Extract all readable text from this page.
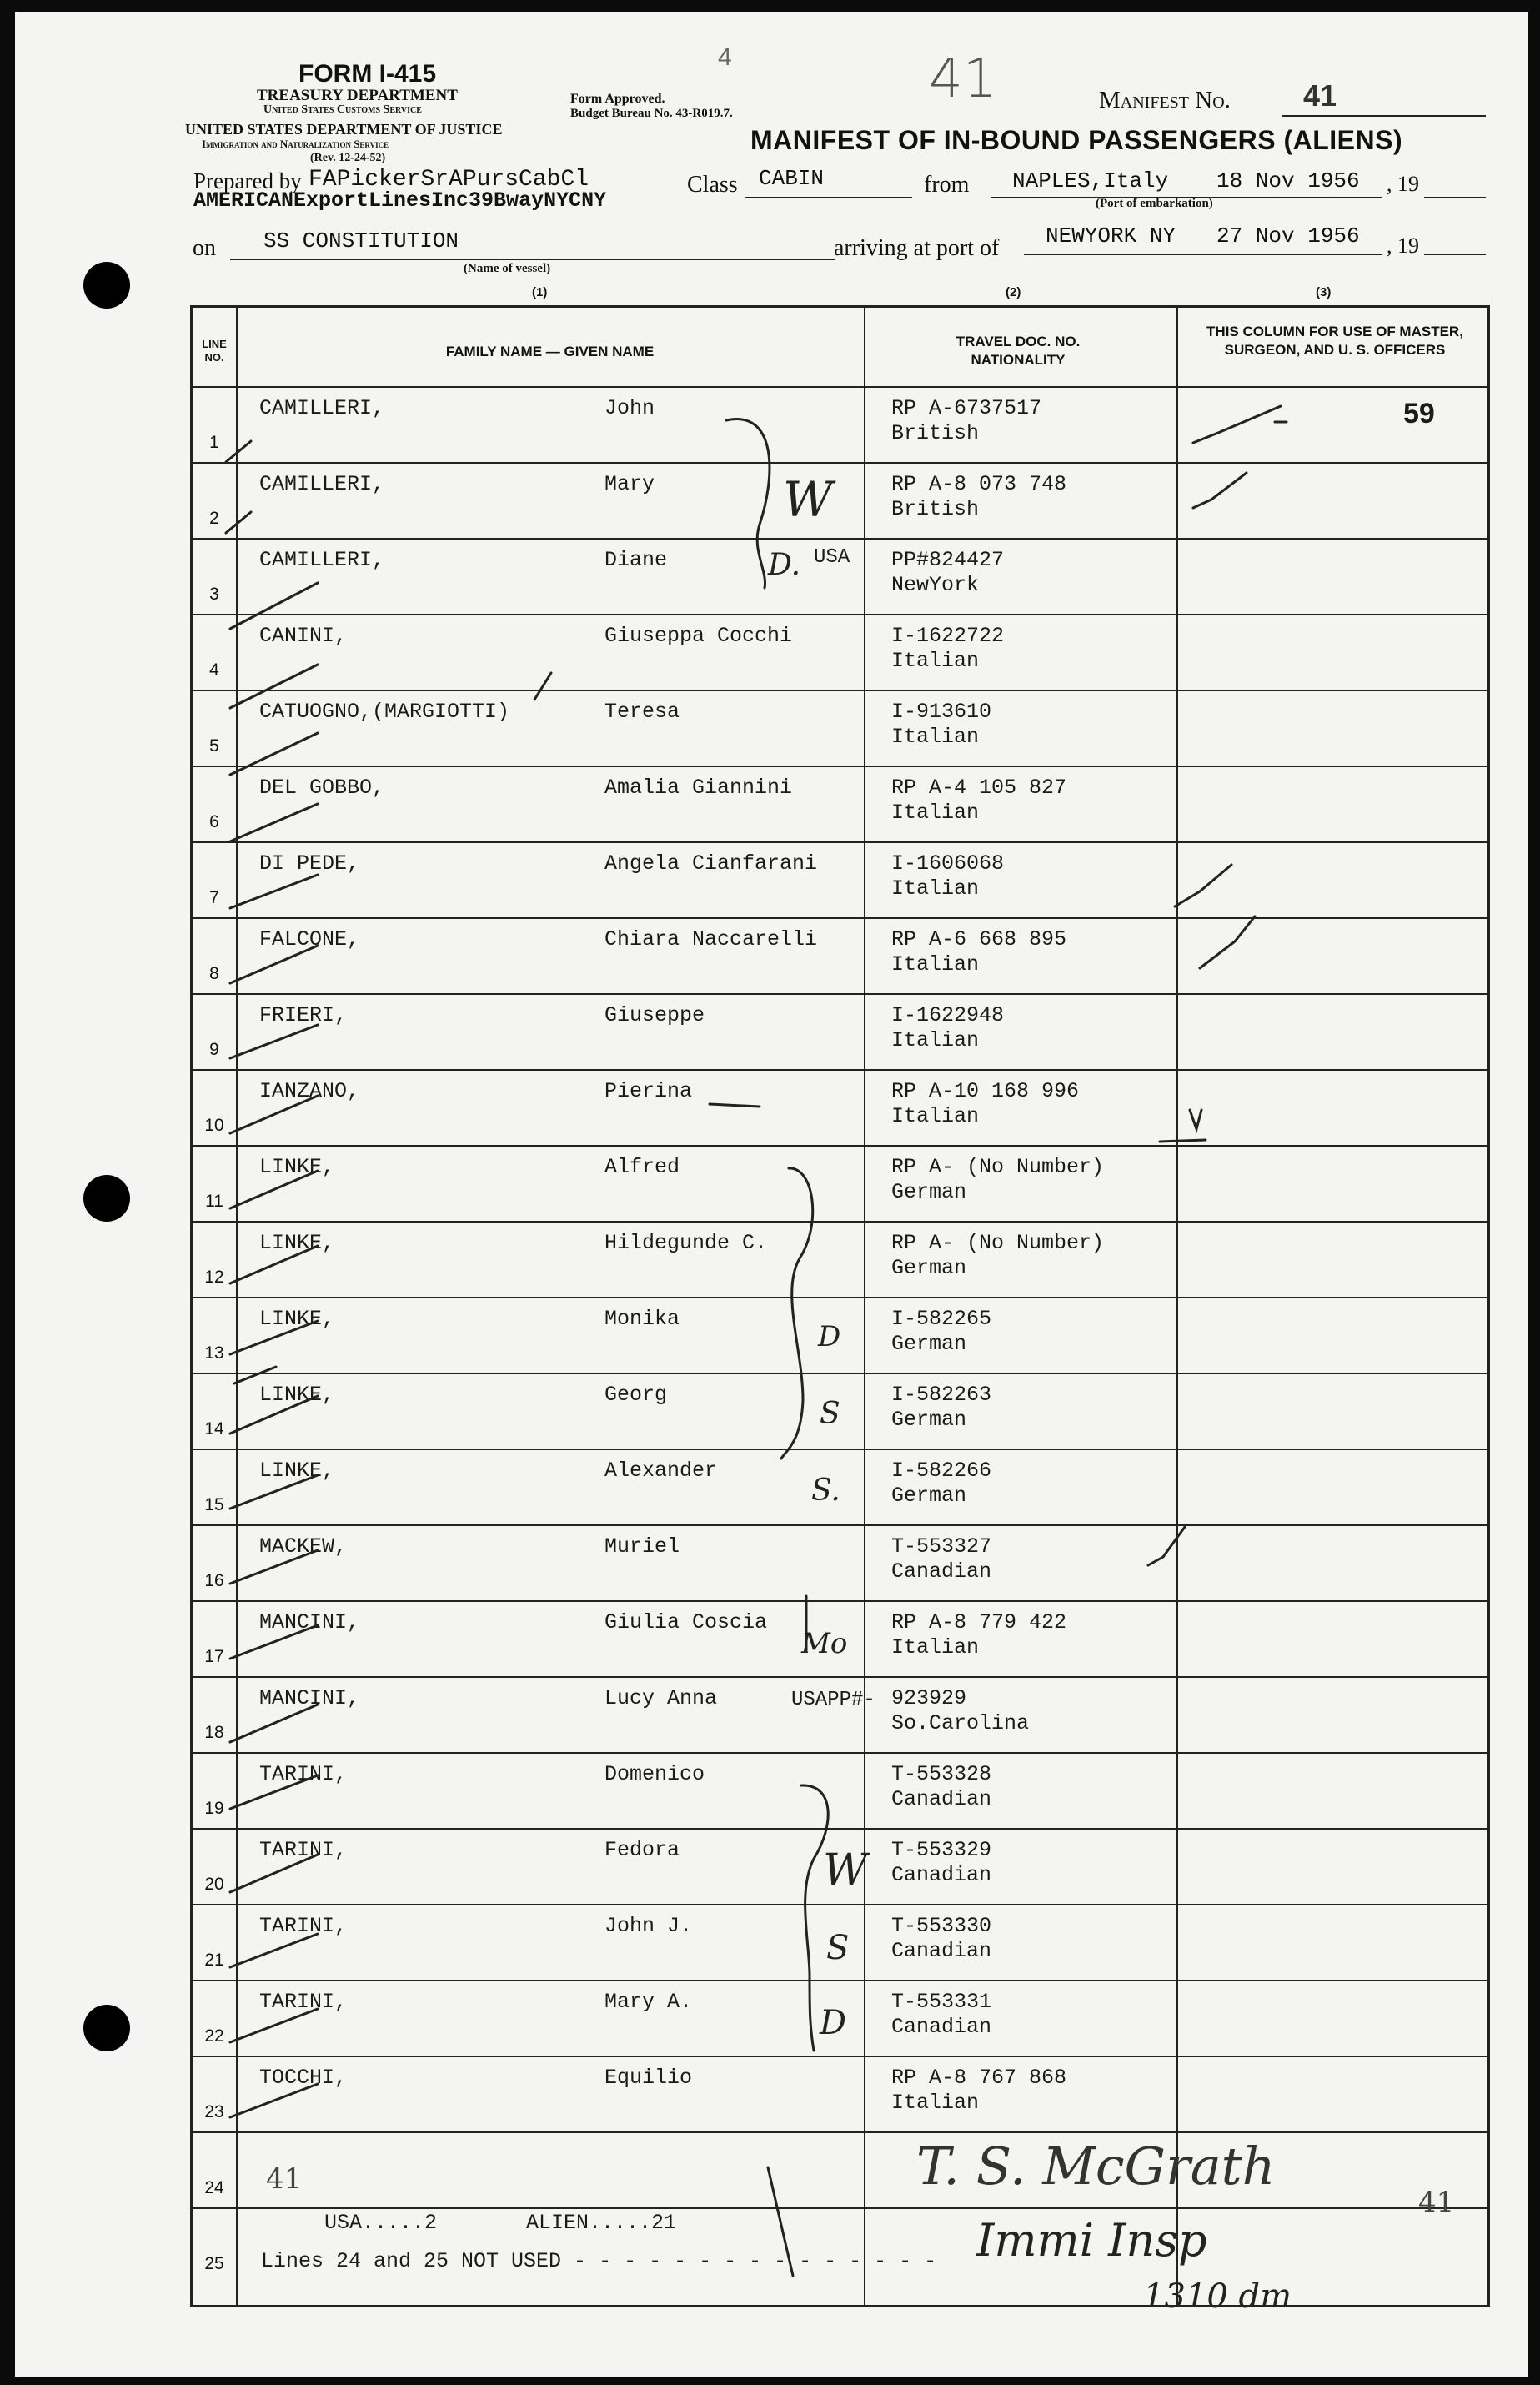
FORM I-415
4
TREASURY DEPARTMENT
United States Customs Service
UNITED STATES DEPARTMENT OF JUSTICE
Immigration and Naturalization Service
(Rev. 12-24-52)
Form Approved.
Budget Bureau No. 43-R019.7.
41	Manifest No. 41
MANIFEST OF IN-BOUND PASSENGERS (ALIENS)
Prepared by FAPickerSrAPursCabCl
AMERICANExportLinesInc39BwayNYCNY
Class CABIN	from NAPLES,Italy 18 Nov 1956 , 19
(Port of embarkation)
on SS CONSTITUTION
(Name of vessel)
arriving at port of NEWYORK NY 27 Nov 1956 , 19
(1)	(2)	(3)
LINE NO.	FAMILY NAME — GIVEN NAME
TRAVEL DOC. NO. NATIONALITY
THIS COLUMN FOR USE OF MASTER, SURGEON, AND U. S. OFFICERS
1
CAMILLERI,	John	RP A-6737517
British
2
CAMILLERI,	Mary	RP A-8 073 748
British
3
CAMILLERI,	Diane	PP#824427
NewYork
4
CANINI,	Giuseppa Cocchi	I-1622722
Italian
5
CATUOGNO,(MARGIOTTI)	Teresa	I-913610
Italian
6
DEL GOBBO,	Amalia Giannini	RP A-4 105 827
Italian
7
DI PEDE,	Angela Cianfarani	I-1606068
Italian
8
FALCONE,	Chiara Naccarelli	RP A-6 668 895
Italian
9
FRIERI,	Giuseppe	I-1622948
Italian
10
IANZANO,	Pierina	RP A-10 168 996
Italian
11
LINKE,	Alfred	RP A- (No Number)
German
12
LINKE,	Hildegunde C.	RP A- (No Number)
German
13
LINKE,	Monika	I-582265
German
14
LINKE,	Georg	I-582263
German
15
LINKE,	Alexander	I-582266
German
16
MACKEW,	Muriel	T-553327
Canadian
17
MANCINI,	Giulia Coscia	RP A-8 779 422
Italian
18
MANCINI,	Lucy Anna	923929
So.Carolina
19
TARINI,	Domenico	T-553328
Canadian
20
TARINI,	Fedora	T-553329
Canadian
21
TARINI,	John J.	T-553330
Canadian
22
TARINI,	Mary A.	T-553331
Canadian
23
TOCCHI,	Equilio	RP A-8 767 868
Italian
24
25
W
D. USA
D
S
S.
Mo
USAPP#-
W
S
D
59
41
USA.....2	ALIEN.....21
Lines 24 and 25 NOT USED - - - - - - - - - - - - - - -
T. S. McGrath
41
Immi Insp
1310 dm
